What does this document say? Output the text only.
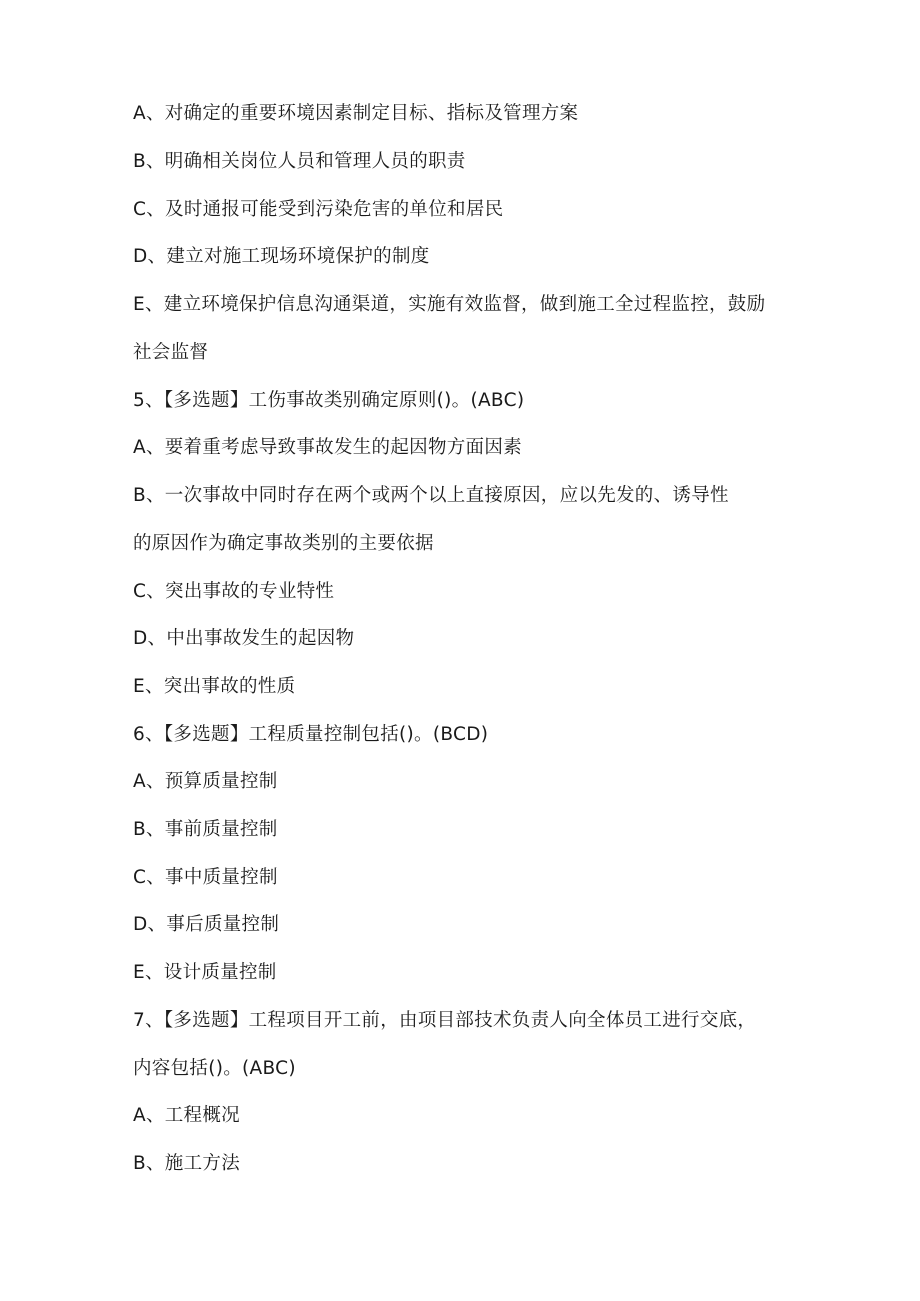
A、对确定的重要环境因素制定目标、指标及管理方案
B、明确相关岗位人员和管理人员的职责
C、及时通报可能受到污染危害的单位和居民
D、建立对施工现场环境保护的制度
E、建立环境保护信息沟通渠道，实施有效监督，做到施工全过程监控，鼓励
社会监督
5、【多选题】工伤事故类别确定原则()。(ABC)
A、要着重考虑导致事故发生的起因物方面因素
B、一次事故中同时存在两个或两个以上直接原因，应以先发的、诱导性
的原因作为确定事故类别的主要依据
C、突出事故的专业特性
D、中出事故发生的起因物
E、突出事故的性质
6、【多选题】工程质量控制包括()。(BCD)
A、预算质量控制
B、事前质量控制
C、事中质量控制
D、事后质量控制
E、设计质量控制
7、【多选题】工程项目开工前，由项目部技术负责人向全体员工进行交底，
内容包括()。(ABC)
A、工程概况
B、施工方法
